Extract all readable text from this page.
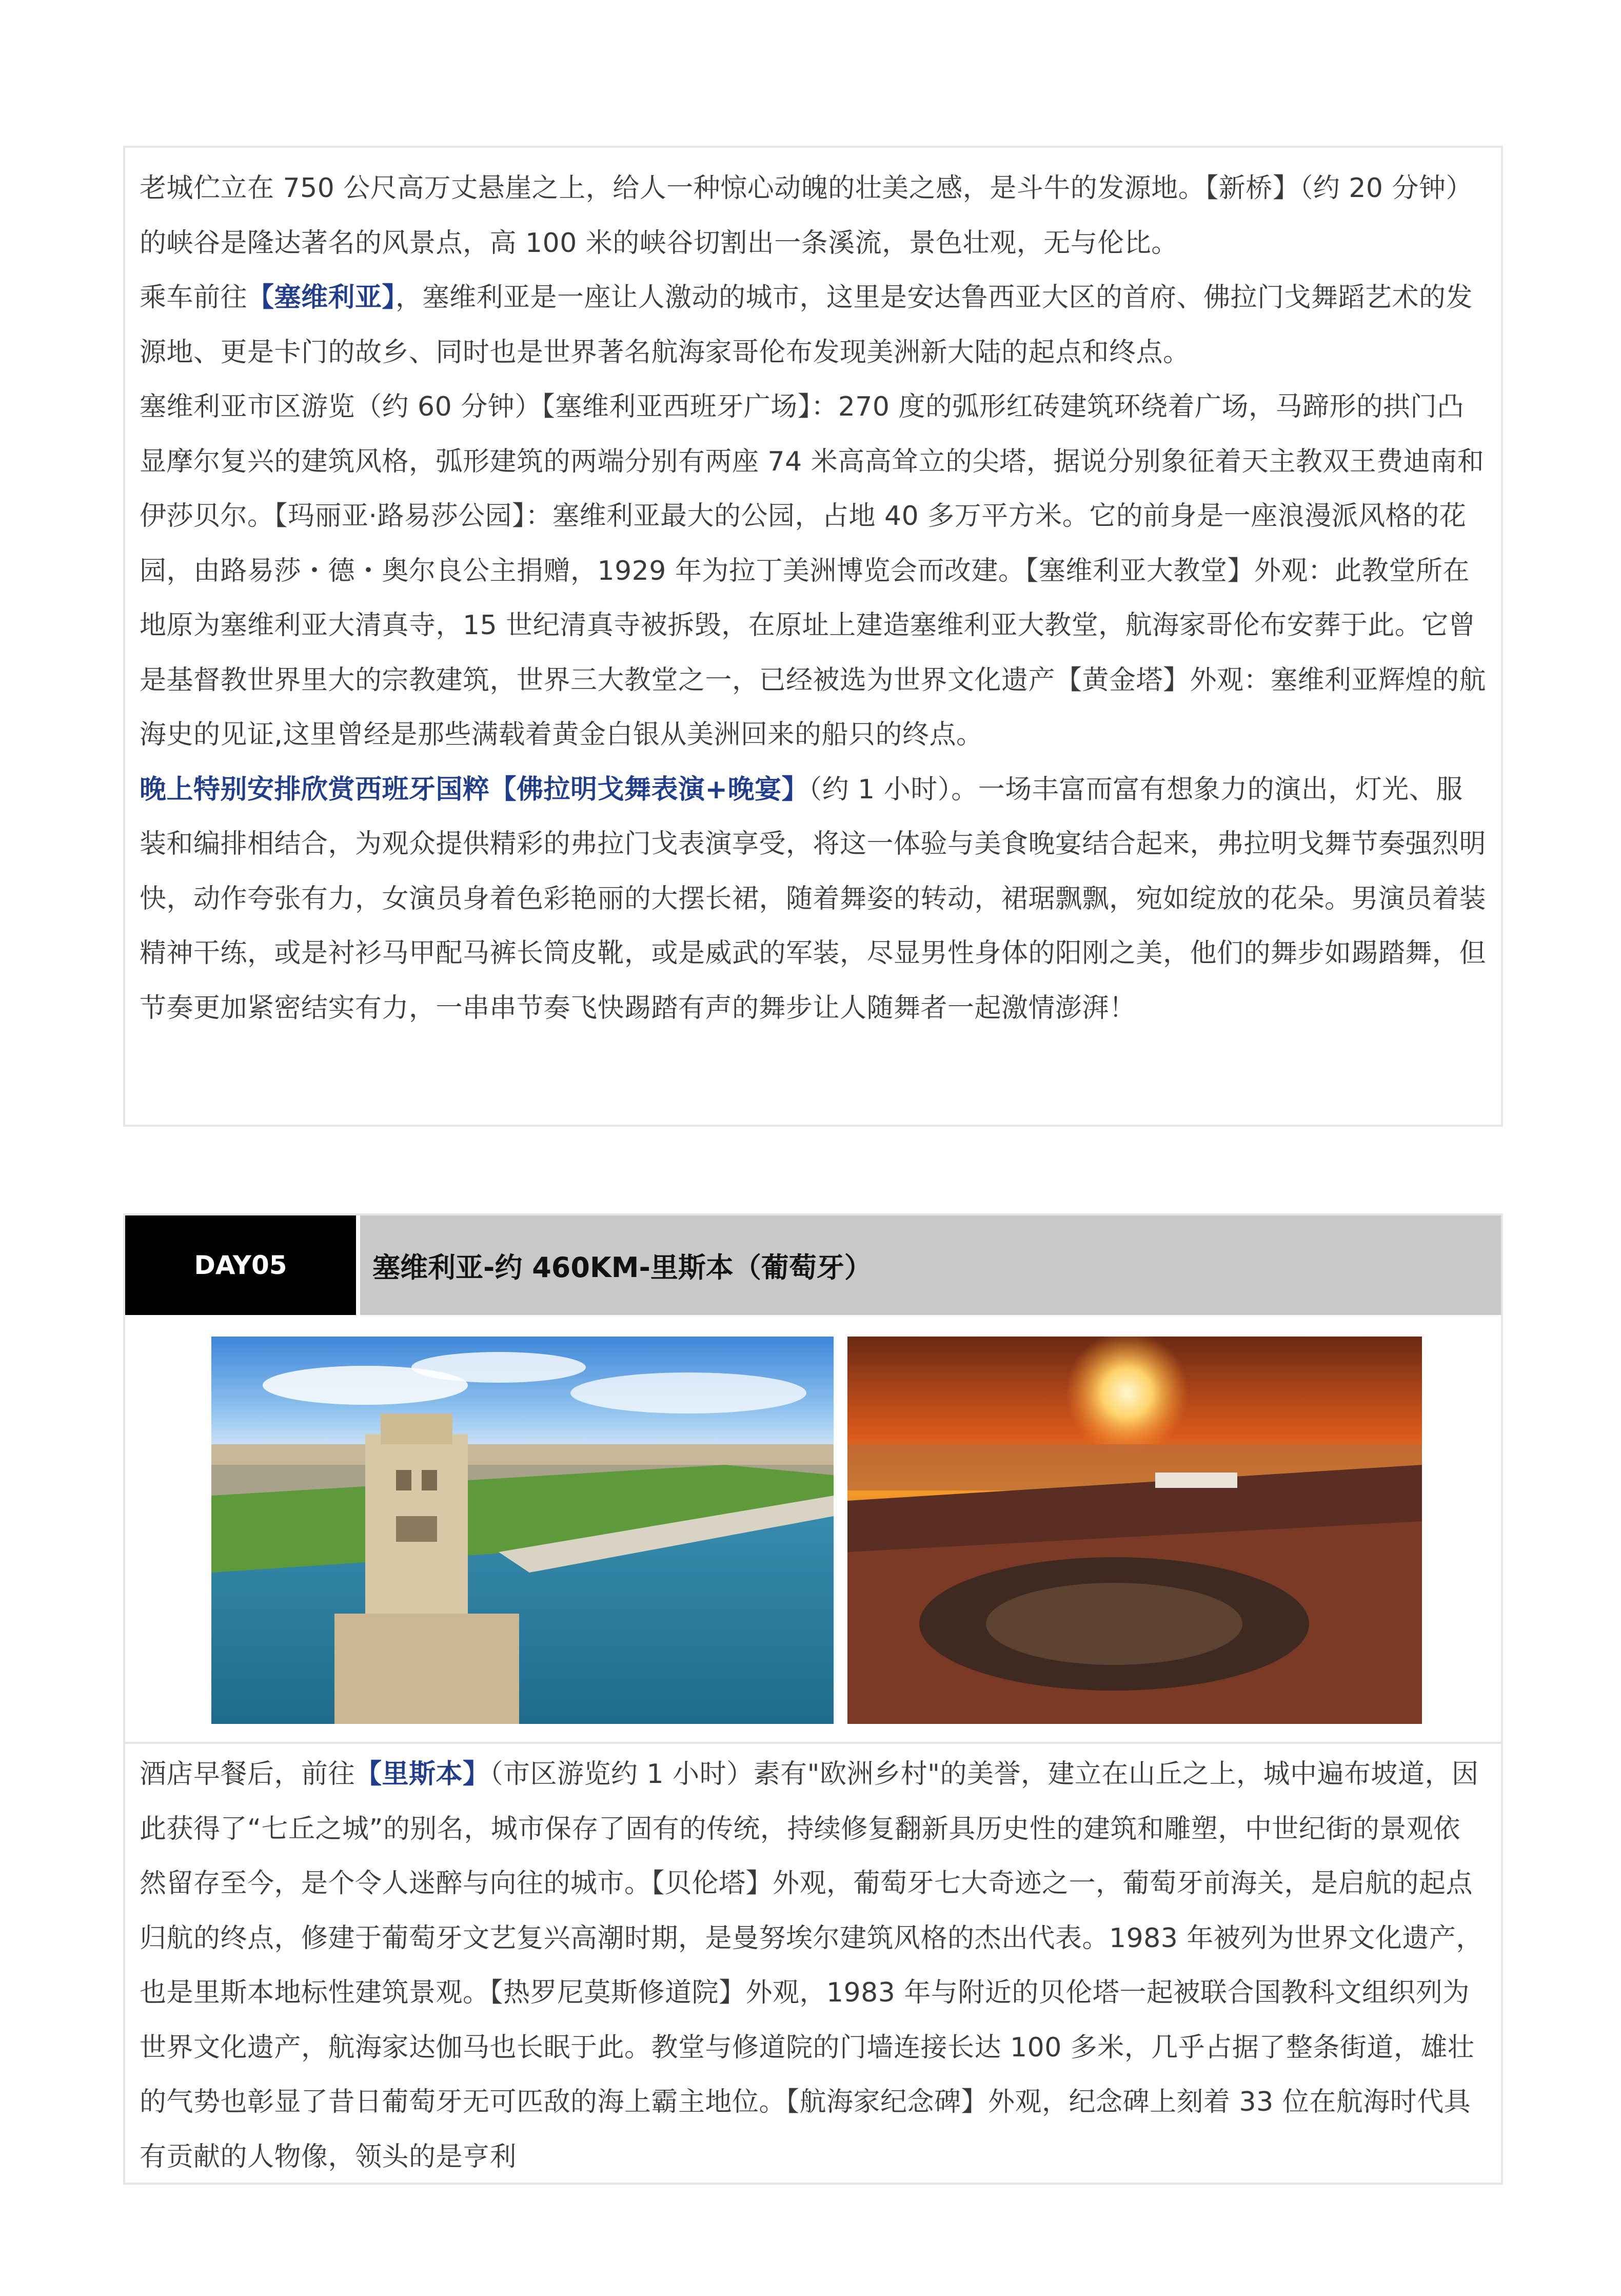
老城伫立在 750 公尺高万丈悬崖之上，给人一种惊心动魄的壮美之感，是斗牛的发源地。【新桥】（约 20 分钟）的峡谷是隆达著名的风景点，高 100 米的峡谷切割出一条溪流，景色壮观，无与伦比。

乘车前往【塞维利亚】，塞维利亚是一座让人激动的城市，这里是安达鲁西亚大区的首府、佛拉门戈舞蹈艺术的发源地、更是卡门的故乡、同时也是世界著名航海家哥伦布发现美洲新大陆的起点和终点。

塞维利亚市区游览（约 60 分钟）【塞维利亚西班牙广场】：270 度的弧形红砖建筑环绕着广场，马蹄形的拱门凸显摩尔复兴的建筑风格，弧形建筑的两端分别有两座 74 米高高耸立的尖塔，据说分别象征着天主教双王费迪南和伊莎贝尔。【玛丽亚·路易莎公园】：塞维利亚最大的公园，占地 40 多万平方米。它的前身是一座浪漫派风格的花园，由路易莎・德・奥尔良公主捐赠，1929 年为拉丁美洲博览会而改建。【塞维利亚大教堂】外观：此教堂所在地原为塞维利亚大清真寺，15 世纪清真寺被拆毁，在原址上建造塞维利亚大教堂，航海家哥伦布安葬于此。它曾是基督教世界里大的宗教建筑，世界三大教堂之一，已经被选为世界文化遗产【黄金塔】外观：塞维利亚辉煌的航海史的见证,这里曾经是那些满载着黄金白银从美洲回来的船只的终点。

晚上特别安排欣赏西班牙国粹【佛拉明戈舞表演+晚宴】（约 1 小时）。一场丰富而富有想象力的演出，灯光、服装和编排相结合，为观众提供精彩的弗拉门戈表演享受，将这一体验与美食晚宴结合起来，弗拉明戈舞节奏强烈明快，动作夸张有力，女演员身着色彩艳丽的大摆长裙，随着舞姿的转动，裙琚飘飘，宛如绽放的花朵。男演员着装精神干练，或是衬衫马甲配马裤长筒皮靴，或是威武的军装，尽显男性身体的阳刚之美，他们的舞步如踢踏舞，但节奏更加紧密结实有力，一串串节奏飞快踢踏有声的舞步让人随舞者一起激情澎湃！

DAY05	塞维利亚-约 460KM-里斯本（葡萄牙）

酒店早餐后，前往【里斯本】（市区游览约 1 小时）素有"欧洲乡村"的美誉，建立在山丘之上，城中遍布坡道，因此获得了“七丘之城”的别名，城市保存了固有的传统，持续修复翻新具历史性的建筑和雕塑，中世纪街的景观依然留存至今，是个令人迷醉与向往的城市。【贝伦塔】外观，葡萄牙七大奇迹之一，葡萄牙前海关，是启航的起点归航的终点，修建于葡萄牙文艺复兴高潮时期，是曼努埃尔建筑风格的杰出代表。1983 年被列为世界文化遗产，也是里斯本地标性建筑景观。【热罗尼莫斯修道院】外观，1983 年与附近的贝伦塔一起被联合国教科文组织列为世界文化遗产，航海家达伽马也长眠于此。教堂与修道院的门墙连接长达 100 多米，几乎占据了整条街道，雄壮的气势也彰显了昔日葡萄牙无可匹敌的海上霸主地位。【航海家纪念碑】外观，纪念碑上刻着 33 位在航海时代具有贡献的人物像，领头的是亨利
